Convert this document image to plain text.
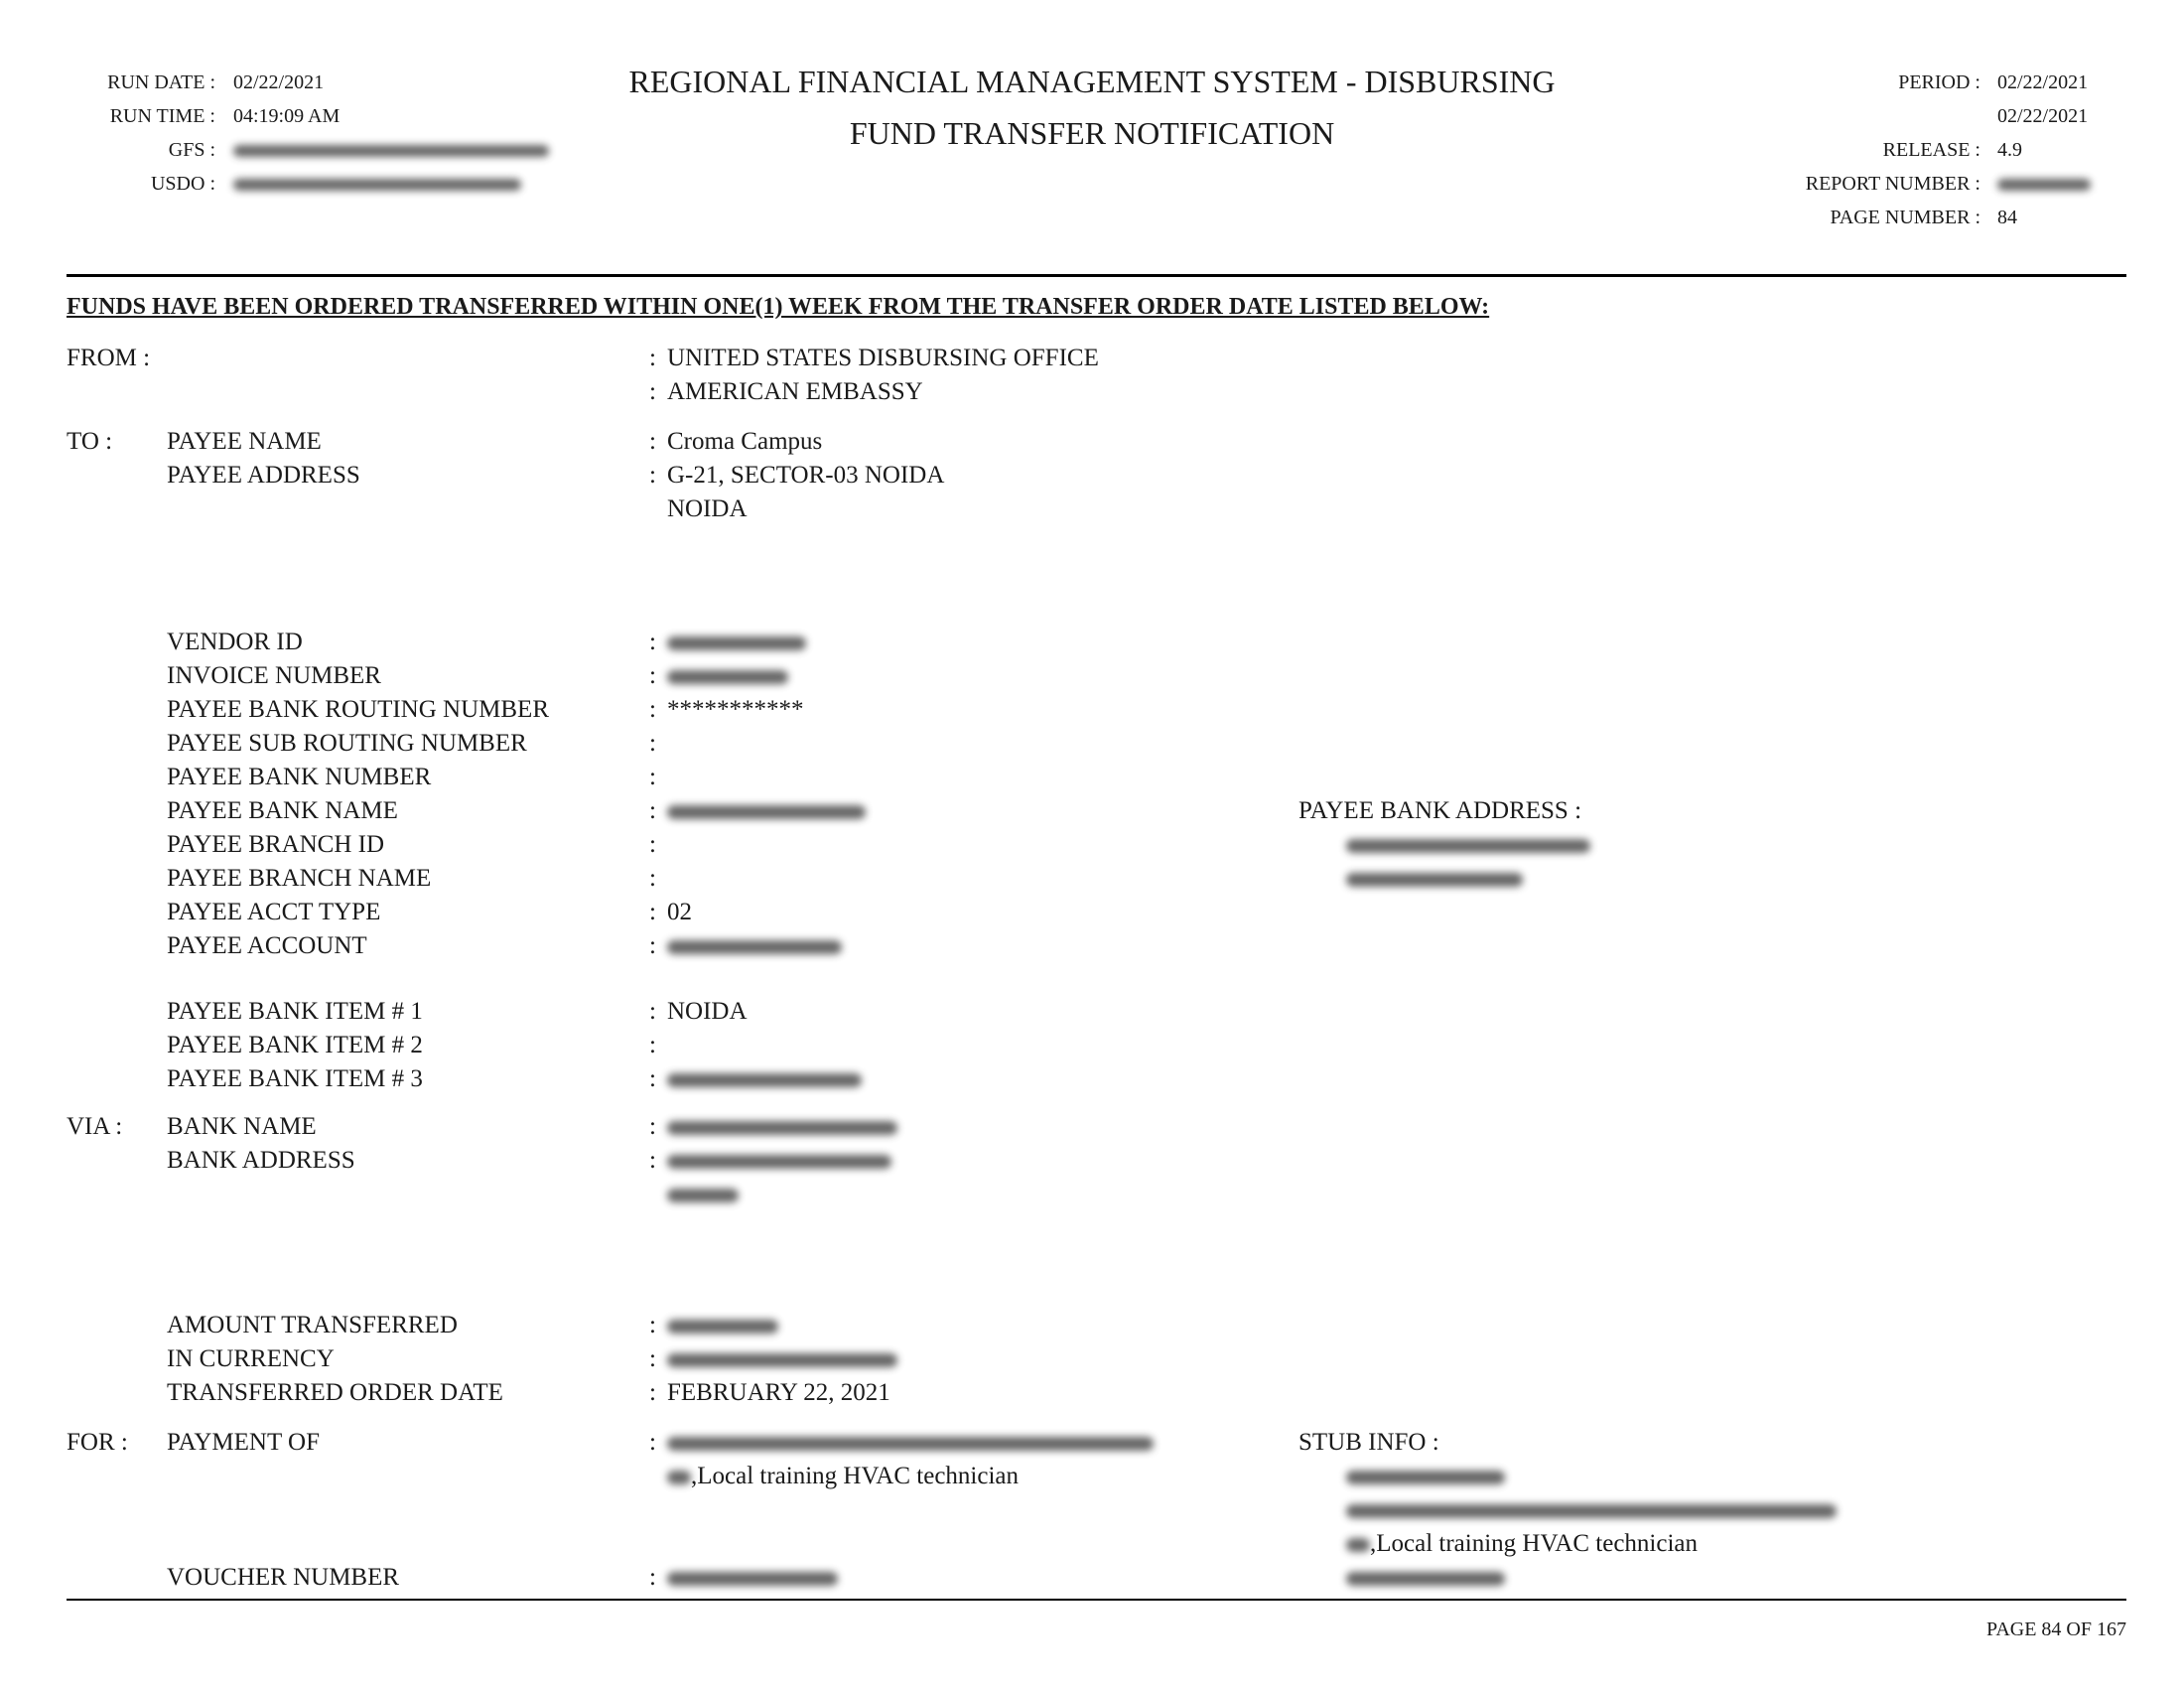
RUN DATE : 02/22/2021
RUN TIME : 04:19:09 AM
GFS :
USDO :
REGIONAL FINANCIAL MANAGEMENT SYSTEM - DISBURSING
FUND TRANSFER NOTIFICATION
PERIOD : 02/22/2021
02/22/2021
RELEASE : 4.9
REPORT NUMBER :
PAGE NUMBER : 84
FUNDS HAVE BEEN ORDERED TRANSFERRED WITHIN ONE(1) WEEK FROM THE TRANSFER ORDER DATE LISTED BELOW:
FROM :	: UNITED STATES DISBURSING OFFICE
: AMERICAN EMBASSY
TO : PAYEE NAME	: Croma Campus
PAYEE ADDRESS	: G-21, SECTOR-03 NOIDA
NOIDA
VENDOR ID	:
INVOICE NUMBER	:
PAYEE BANK ROUTING NUMBER	: ***********
PAYEE SUB ROUTING NUMBER	:
PAYEE BANK NUMBER	:
PAYEE BANK NAME	:	PAYEE BANK ADDRESS :
PAYEE BRANCH ID	:
PAYEE BRANCH NAME	:
PAYEE ACCT TYPE	: 02
PAYEE ACCOUNT	:
PAYEE BANK ITEM # 1	: NOIDA
PAYEE BANK ITEM # 2	:
PAYEE BANK ITEM # 3	:
VIA : BANK NAME	:
BANK ADDRESS	:
AMOUNT TRANSFERRED	:
IN CURRENCY	:
TRANSFERRED ORDER DATE	: FEBRUARY 22, 2021
FOR : PAYMENT OF	:
,Local training HVAC technician
STUB INFO :
,Local training HVAC technician
VOUCHER NUMBER	:
PAGE 84 OF 167
